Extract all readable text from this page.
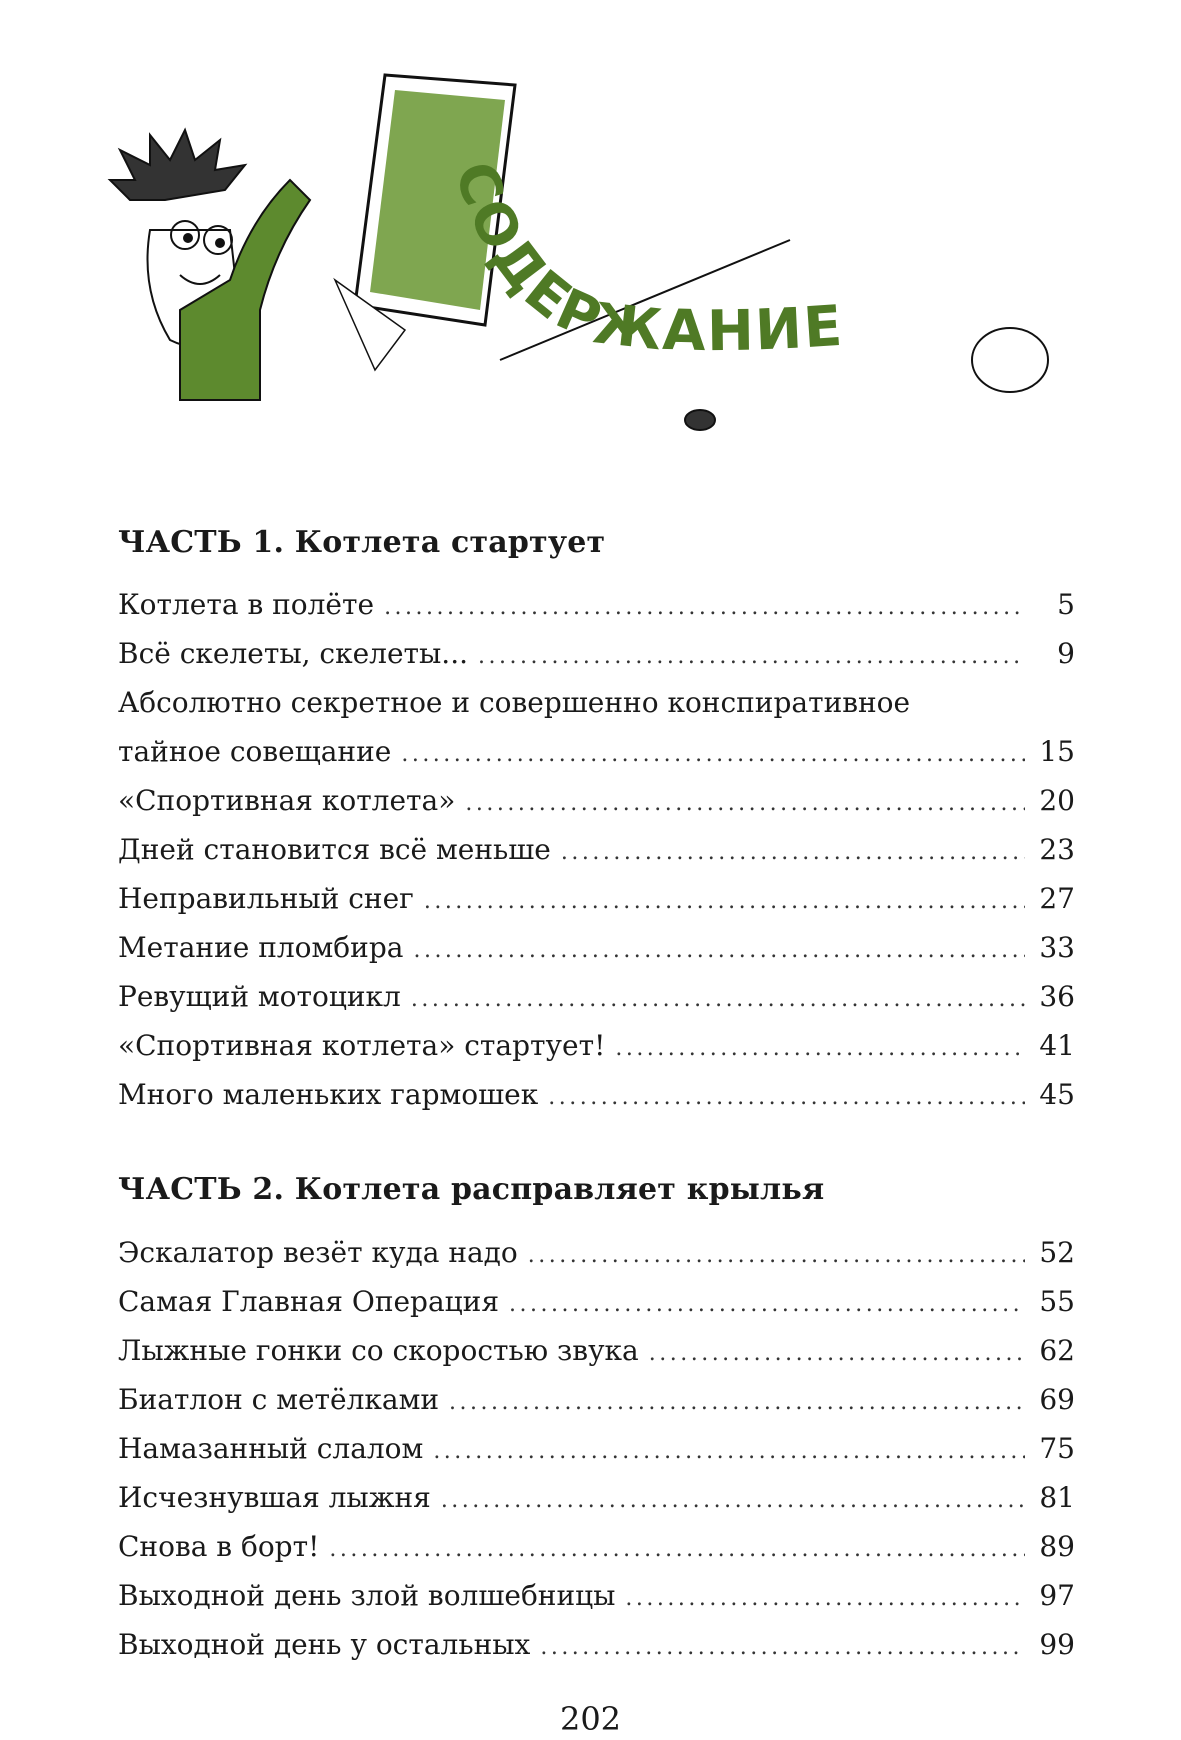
СОДЕРЖАНИЕ
ЧАСТЬ 1. Котлета стартует
Котлета в полёте .....	5
Всё скелеты, скелеты... .....	9
Абсолютно секретное и совершенно конспиративное
тайное совещание .....	15
«Спортивная котлета» .....	20
Дней становится всё меньше .....	23
Неправильный снег .....	27
Метание пломбира .....	33
Ревущий мотоцикл .....	36
«Спортивная котлета» стартует! .....	41
Много маленьких гармошек .....	45
ЧАСТЬ 2. Котлета расправляет крылья
Эскалатор везёт куда надо .....	52
Самая Главная Операция .....	55
Лыжные гонки со скоростью звука .....	62
Биатлон с метёлками .....	69
Намазанный слалом .....	75
Исчезнувшая лыжня .....	81
Снова в борт! .....	89
Выходной день злой волшебницы .....	97
Выходной день у остальных .....	99
202
